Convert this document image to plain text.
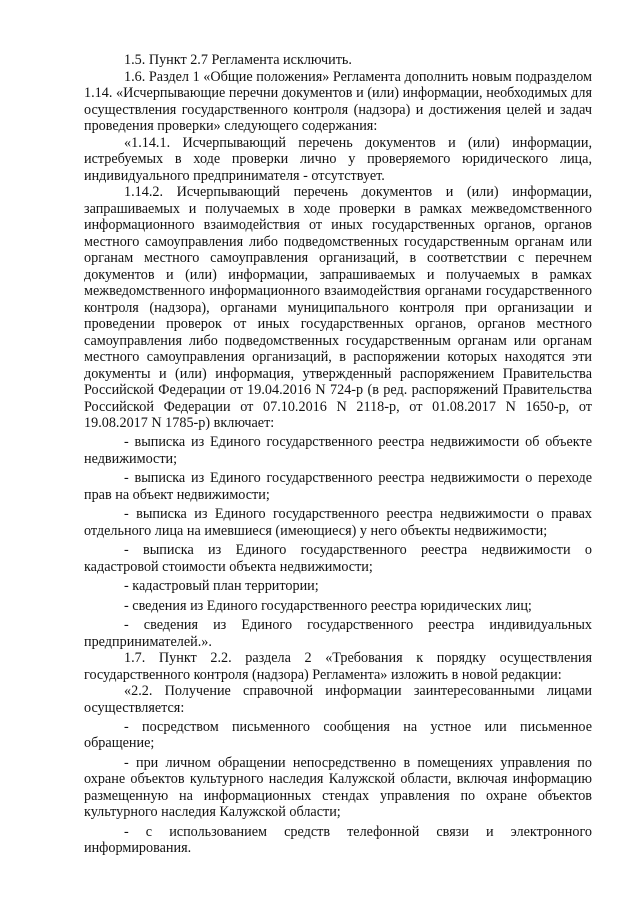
1.5. Пункт 2.7 Регламента исключить.

1.6. Раздел 1 «Общие положения» Регламента дополнить новым подразделом 1.14. «Исчерпывающие перечни документов и (или) информации, необходимых для осуществления государственного контроля (надзора) и достижения целей и задач проведения проверки» следующего содержания:

«1.14.1. Исчерпывающий перечень документов и (или) информации, истребуемых в ходе проверки лично у проверяемого юридического лица, индивидуального предпринимателя - отсутствует.

1.14.2. Исчерпывающий перечень документов и (или) информации, запрашиваемых и получаемых в ходе проверки в рамках межведомственного информационного взаимодействия от иных государственных органов, органов местного самоуправления либо подведомственных государственным органам или органам местного самоуправления организаций, в соответствии с перечнем документов и (или) информации, запрашиваемых и получаемых в рамках межведомственного информационного взаимодействия органами государственного контроля (надзора), органами муниципального контроля при организации и проведении проверок от иных государственных органов, органов местного самоуправления либо подведомственных государственным органам или органам местного самоуправления организаций, в распоряжении которых находятся эти документы и (или) информация, утвержденный распоряжением Правительства Российской Федерации от 19.04.2016 N 724-р (в ред. распоряжений Правительства Российской Федерации от 07.10.2016 N 2118-р, от 01.08.2017 N 1650-р, от 19.08.2017 N 1785-р) включает:

- выписка из Единого государственного реестра недвижимости об объекте недвижимости;

- выписка из Единого государственного реестра недвижимости о переходе прав на объект недвижимости;

- выписка из Единого государственного реестра недвижимости о правах отдельного лица на имевшиеся (имеющиеся) у него объекты недвижимости;

- выписка из Единого государственного реестра недвижимости о кадастровой стоимости объекта недвижимости;

- кадастровый план территории;

- сведения из Единого государственного реестра юридических лиц;

- сведения из Единого государственного реестра индивидуальных предпринимателей.».

1.7. Пункт 2.2. раздела 2 «Требования к порядку осуществления государственного контроля (надзора) Регламента» изложить в новой редакции:

«2.2. Получение справочной информации заинтересованными лицами осуществляется:

- посредством письменного сообщения на устное или письменное обращение;

- при личном обращении непосредственно в помещениях управления по охране объектов культурного наследия Калужской области, включая информацию размещенную на информационных стендах управления по охране объектов культурного наследия Калужской области;

- с использованием средств телефонной связи и электронного информирования.
